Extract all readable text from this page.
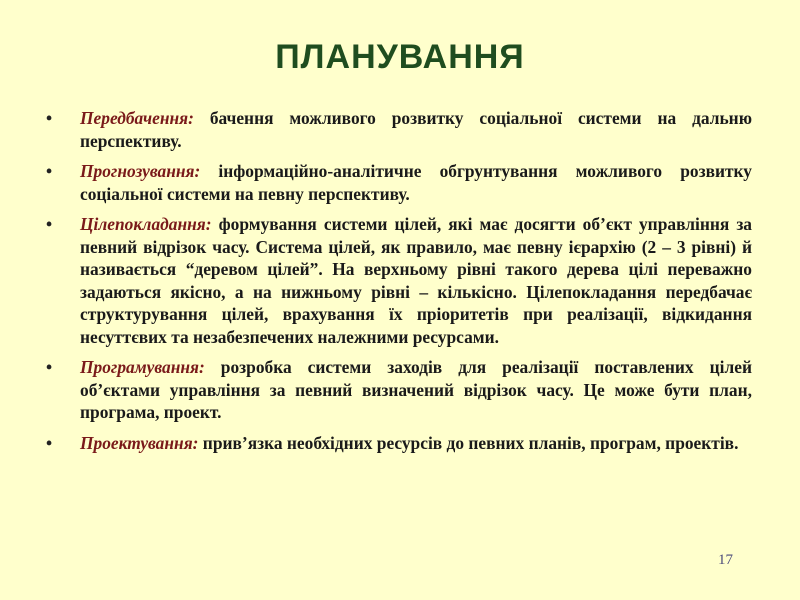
ПЛАНУВАННЯ
• Передбачення: бачення можливого розвитку соціальної системи на дальню перспективу.
• Прогнозування: інформаційно-аналітичне обгрунтування можливого розвитку соціальної системи на певну перспективу.
• Цілепокладання: формування системи цілей, які має досягти об’єкт управління за певний відрізок часу. Система цілей, як правило, має певну ієрархію (2 – 3 рівні) й називається “деревом цілей”. На верхньому рівні такого дерева цілі переважно задаються якісно, а на нижньому рівні – кількісно. Цілепокладання передбачає структурування цілей, врахування їх пріоритетів при реалізації, відкидання несуттєвих та незабезпечених належними ресурсами.
• Програмування: розробка системи заходів для реалізації поставлених цілей об’єктами управління за певний визначений відрізок часу. Це може бути план, програма, проект.
• Проектування: прив’язка необхідних ресурсів до певних планів, програм, проектів.
17
